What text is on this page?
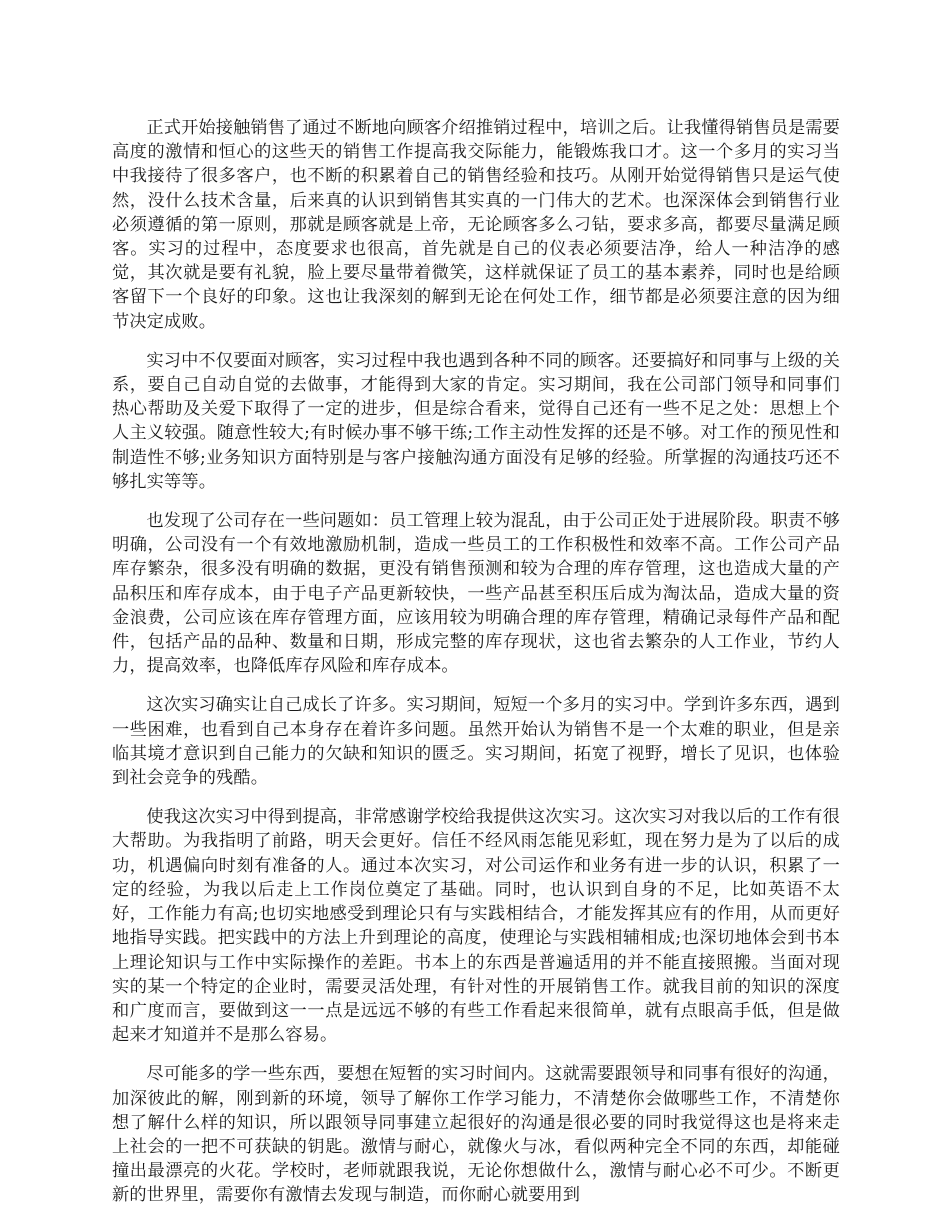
正式开始接触销售了通过不断地向顾客介绍推销过程中，培训之后。让我懂得销售员是需要高度的激情和恒心的这些天的销售工作提高我交际能力，能锻炼我口才。这一个多月的实习当中我接待了很多客户，也不断的积累着自己的销售经验和技巧。从刚开始觉得销售只是运气使然，没什么技术含量，后来真的认识到销售其实真的一门伟大的艺术。也深深体会到销售行业必须遵循的第一原则，那就是顾客就是上帝，无论顾客多么刁钻，要求多高，都要尽量满足顾客。实习的过程中，态度要求也很高，首先就是自己的仪表必须要洁净，给人一种洁净的感觉，其次就是要有礼貌，脸上要尽量带着微笑，这样就保证了员工的基本素养，同时也是给顾客留下一个良好的印象。这也让我深刻的解到无论在何处工作，细节都是必须要注意的因为细节决定成败。

实习中不仅要面对顾客，实习过程中我也遇到各种不同的顾客。还要搞好和同事与上级的关系，要自己自动自觉的去做事，才能得到大家的肯定。实习期间，我在公司部门领导和同事们热心帮助及关爱下取得了一定的进步，但是综合看来，觉得自己还有一些不足之处：思想上个人主义较强。随意性较大;有时候办事不够干练;工作主动性发挥的还是不够。对工作的预见性和制造性不够;业务知识方面特别是与客户接触沟通方面没有足够的经验。所掌握的沟通技巧还不够扎实等等。

也发现了公司存在一些问题如：员工管理上较为混乱，由于公司正处于进展阶段。职责不够明确，公司没有一个有效地激励机制，造成一些员工的工作积极性和效率不高。工作公司产品库存繁杂，很多没有明确的数据，更没有销售预测和较为合理的库存管理，这也造成大量的产品积压和库存成本，由于电子产品更新较快，一些产品甚至积压后成为淘汰品，造成大量的资金浪费，公司应该在库存管理方面，应该用较为明确合理的库存管理，精确记录每件产品和配件，包括产品的品种、数量和日期，形成完整的库存现状，这也省去繁杂的人工作业，节约人力，提高效率，也降低库存风险和库存成本。

这次实习确实让自己成长了许多。实习期间，短短一个多月的实习中。学到许多东西，遇到一些困难，也看到自己本身存在着许多问题。虽然开始认为销售不是一个太难的职业，但是亲临其境才意识到自己能力的欠缺和知识的匮乏。实习期间，拓宽了视野，增长了见识，也体验到社会竞争的残酷。

使我这次实习中得到提高，非常感谢学校给我提供这次实习。这次实习对我以后的工作有很大帮助。为我指明了前路，明天会更好。信任不经风雨怎能见彩虹，现在努力是为了以后的成功，机遇偏向时刻有准备的人。通过本次实习，对公司运作和业务有进一步的认识，积累了一定的经验，为我以后走上工作岗位奠定了基础。同时，也认识到自身的不足，比如英语不太好，工作能力有高;也切实地感受到理论只有与实践相结合，才能发挥其应有的作用，从而更好地指导实践。把实践中的方法上升到理论的高度，使理论与实践相辅相成;也深切地体会到书本上理论知识与工作中实际操作的差距。书本上的东西是普遍适用的并不能直接照搬。当面对现实的某一个特定的企业时，需要灵活处理，有针对性的开展销售工作。就我目前的知识的深度和广度而言，要做到这一一点是远远不够的有些工作看起来很简单，就有点眼高手低，但是做起来才知道并不是那么容易。

尽可能多的学一些东西，要想在短暂的实习时间内。这就需要跟领导和同事有很好的沟通，加深彼此的解，刚到新的环境，领导了解你工作学习能力，不清楚你会做哪些工作，不清楚你想了解什么样的知识，所以跟领导同事建立起很好的沟通是很必要的同时我觉得这也是将来走上社会的一把不可获缺的钥匙。激情与耐心，就像火与冰，看似两种完全不同的东西，却能碰撞出最漂亮的火花。学校时，老师就跟我说，无论你想做什么，激情与耐心必不可少。不断更新的世界里，需要你有激情去发现与制造，而你耐心就要用到
